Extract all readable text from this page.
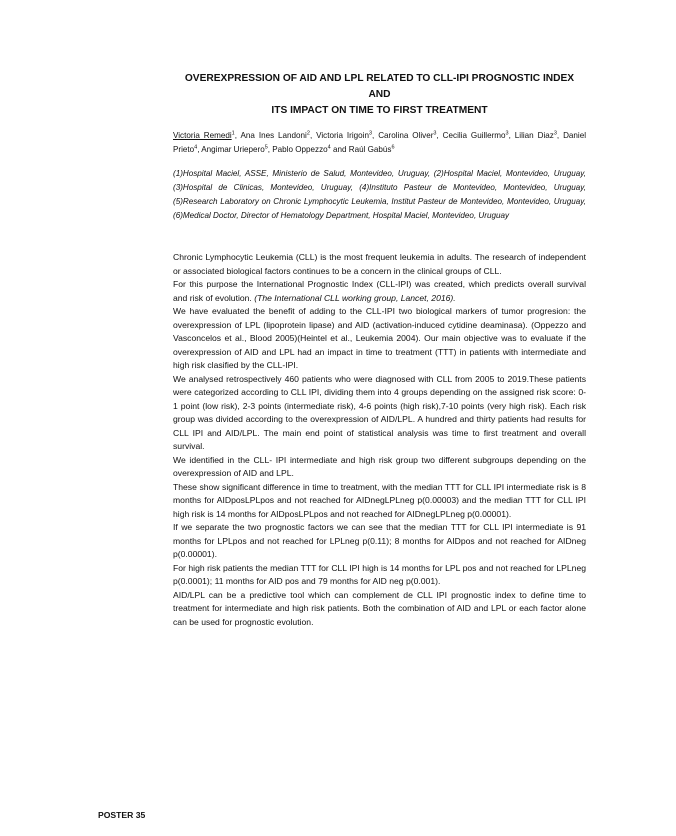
OVEREXPRESSION OF AID AND LPL RELATED TO CLL-IPI PROGNOSTIC INDEX AND
ITS IMPACT ON TIME TO FIRST TREATMENT
Victoria Remedi$^1$, Ana Ines Landoni$^2$, Victoria Irigoin$^3$, Carolina Oliver$^3$, Cecilia Guillermo$^3$, Lilian Diaz$^3$, Daniel Prieto$^4$, Angimar Uriepero$^5$, Pablo Oppezzo$^4$ and Raúl Gabús$^6$
(1)Hospital Maciel, ASSE, Ministerio de Salud, Montevideo, Uruguay, (2)Hospital Maciel, Montevideo, Uruguay, (3)Hospital de Clinicas, Montevideo, Uruguay, (4)Instituto Pasteur de Montevideo, Montevideo, Uruguay, (5)Research Laboratory on Chronic Lymphocytic Leukemia, Institut Pasteur de Montevideo, Montevideo, Uruguay, (6)Medical Doctor, Director of Hematology Department, Hospital Maciel, Montevideo, Uruguay

Chronic Lymphocytic Leukemia (CLL) is the most frequent leukemia in adults. The research of independent or associated biological factors continues to be a concern in the clinical groups of CLL.

For this purpose the International Prognostic Index (CLL-IPI) was created, which predicts overall survival and risk of evolution. (The International CLL working group, Lancet, 2016).

We have evaluated the benefit of adding to the CLL-IPI two biological markers of tumor progresion: the overexpression of LPL (lipoprotein lipase) and AID (activation-induced cytidine deaminasa). (Oppezzo and Vasconcelos et al., Blood 2005)(Heintel et al., Leukemia 2004). Our main objective was to evaluate if the overexpression of AID and LPL had an impact in time to treatment (TTT) in patients with intermediate and high risk clasified by the CLL-IPI.

We analysed retrospectively 460 patients who were diagnosed with CLL from 2005 to 2019.These patients were categorized according to CLL IPI, dividing them into 4 groups depending on the assigned risk score: 0-1 point (low risk), 2-3 points (intermediate risk), 4-6 points (high risk),7-10 points (very high risk). Each risk group was divided according to the overexpression of AID/LPL. A hundred and thirty patients had results for CLL IPI and AID/LPL. The main end point of statistical analysis was time to first treatment and overall survival.

We identified in the CLL- IPI intermediate and high risk group two different subgroups depending on the overexpression of AID and LPL.

These show significant difference in time to treatment, with the median TTT for CLL IPI intermediate risk is 8 months for AIDposLPLpos and not reached for AIDnegLPLneg p(0.00003) and the median TTT for CLL IPI high risk is 14 months for AIDposLPLpos and not reached for AIDnegLPLneg p(0.00001).

If we separate the two prognostic factors we can see that the median TTT for CLL IPI intermediate is 91 months for LPLpos and not reached for LPLneg p(0.11); 8 months for AIDpos and not reached for AIDneg p(0.00001).

For high risk patients the median TTT for CLL IPI high is 14 months for LPL pos and not reached for LPLneg p(0.0001); 11 months for AID pos and 79 months for AID neg p(0.001).

AID/LPL can be a predictive tool which can complement de CLL IPI prognostic index to define time to treatment for intermediate and high risk patients. Both the combination of AID and LPL or each factor alone can be used for prognostic evolution.

POSTER 35
